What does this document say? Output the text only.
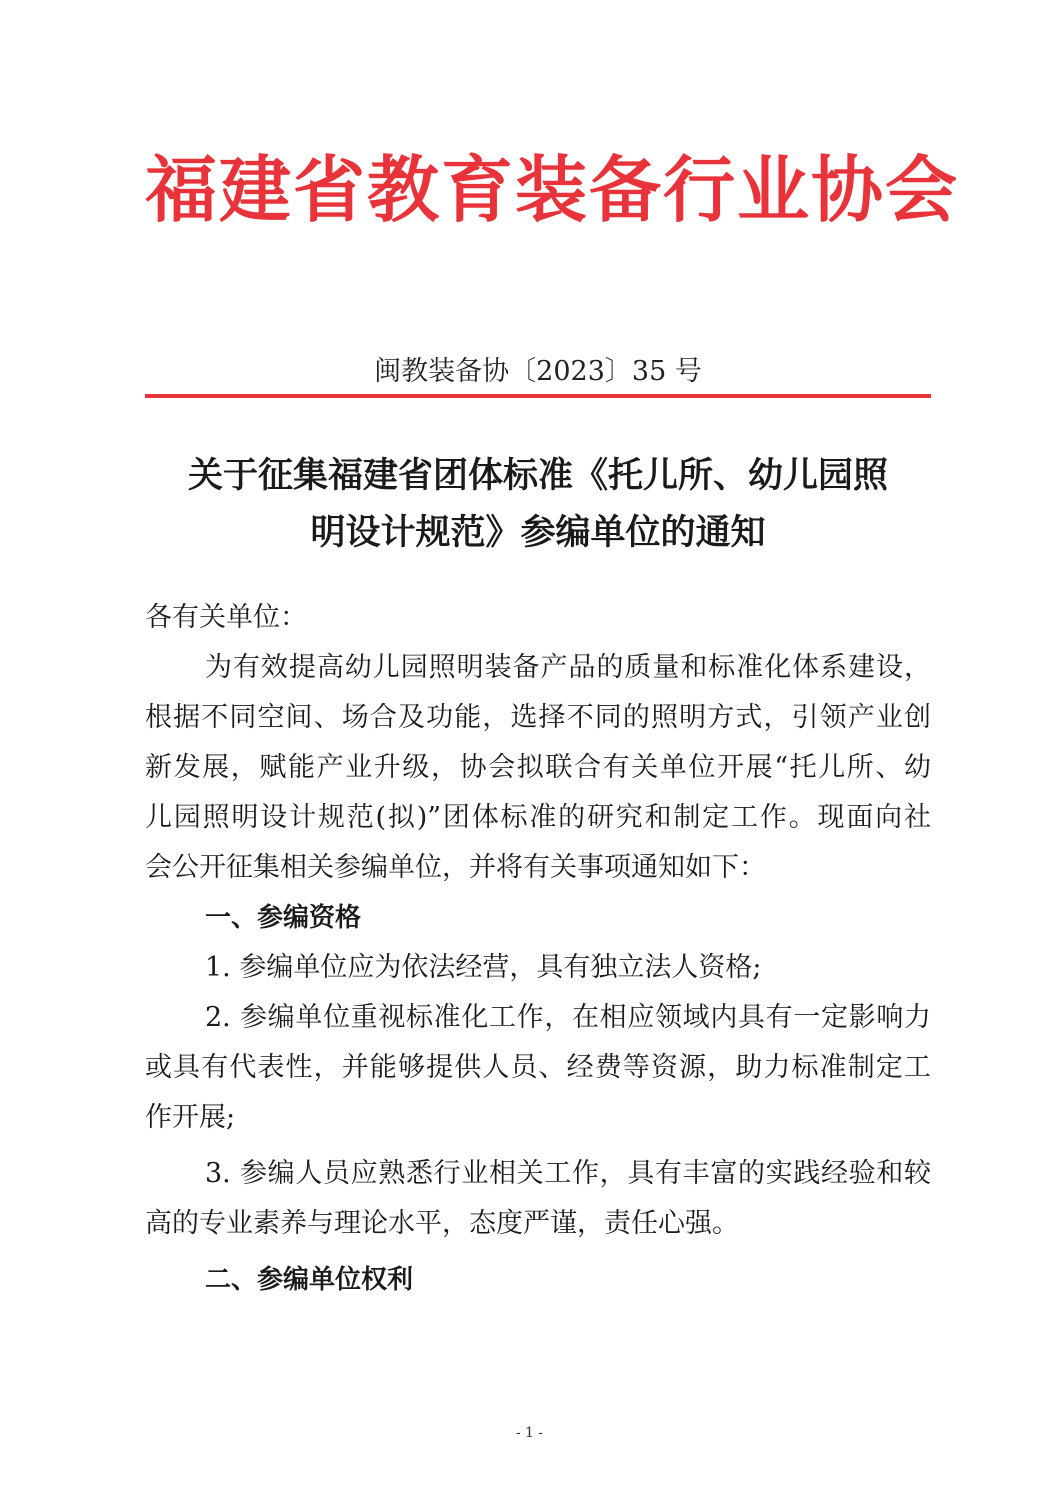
福建省教育装备行业协会
闽教装备协〔2023〕35 号
关于征集福建省团体标准《托儿所、幼儿园照
明设计规范》参编单位的通知
各有关单位：
为有效提高幼儿园照明装备产品的质量和标准化体系建设，
根据不同空间、场合及功能，选择不同的照明方式，引领产业创
新发展，赋能产业升级，协会拟联合有关单位开展“托儿所、幼
儿园照明设计规范(拟)”团体标准的研究和制定工作。现面向社
会公开征集相关参编单位，并将有关事项通知如下：
一、参编资格
1. 参编单位应为依法经营，具有独立法人资格;
2. 参编单位重视标准化工作，在相应领域内具有一定影响力
或具有代表性，并能够提供人员、经费等资源，助力标准制定工
作开展;
3. 参编人员应熟悉行业相关工作，具有丰富的实践经验和较
高的专业素养与理论水平，态度严谨，责任心强。
二、参编单位权利
- 1 -
